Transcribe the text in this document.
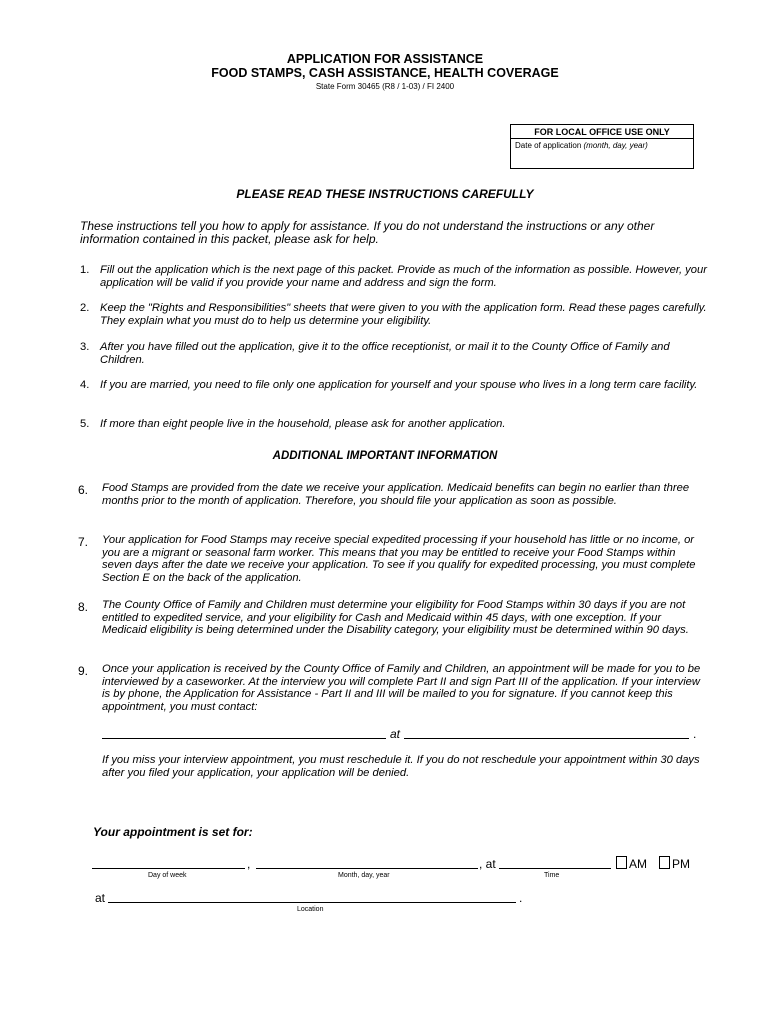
APPLICATION FOR ASSISTANCE
FOOD STAMPS, CASH ASSISTANCE, HEALTH COVERAGE
State Form 30465 (R8 / 1-03) / FI 2400
FOR LOCAL OFFICE USE ONLY
Date of application (month, day, year)
PLEASE READ THESE INSTRUCTIONS CAREFULLY
These instructions tell you how to apply for assistance. If you do not understand the instructions or any other information contained in this packet, please ask for help.
1. Fill out the application which is the next page of this packet. Provide as much of the information as possible. However, your application will be valid if you provide your name and address and sign the form.
2. Keep the "Rights and Responsibilities" sheets that were given to you with the application form. Read these pages carefully. They explain what you must do to help us determine your eligibility.
3. After you have filled out the application, give it to the office receptionist, or mail it to the County Office of Family and Children.
4. If you are married, you need to file only one application for yourself and your spouse who lives in a long term care facility.
5. If more than eight people live in the household, please ask for another application.
ADDITIONAL IMPORTANT INFORMATION
6. Food Stamps are provided from the date we receive your application. Medicaid benefits can begin no earlier than three months prior to the month of application. Therefore, you should file your application as soon as possible.
7. Your application for Food Stamps may receive special expedited processing if your household has little or no income, or you are a migrant or seasonal farm worker. This means that you may be entitled to receive your Food Stamps within seven days after the date we receive your application. To see if you qualify for expedited processing, you must complete Section E on the back of the application.
8. The County Office of Family and Children must determine your eligibility for Food Stamps within 30 days if you are not entitled to expedited service, and your eligibility for Cash and Medicaid within 45 days, with one exception. If your Medicaid eligibility is being determined under the Disability category, your eligibility must be determined within 90 days.
9. Once your application is received by the County Office of Family and Children, an appointment will be made for you to be interviewed by a caseworker. At the interview you will complete Part II and sign Part III of the application. If your interview is by phone, the Application for Assistance - Part II and III will be mailed to you for signature. If you cannot keep this appointment, you must contact:
at	.
If you miss your interview appointment, you must reschedule it. If you do not reschedule your appointment within 30 days after you filed your application, your application will be denied.
Your appointment is set for:
,	, at	AM	PM
Day of week	Month, day, year	Time
at	.
Location
